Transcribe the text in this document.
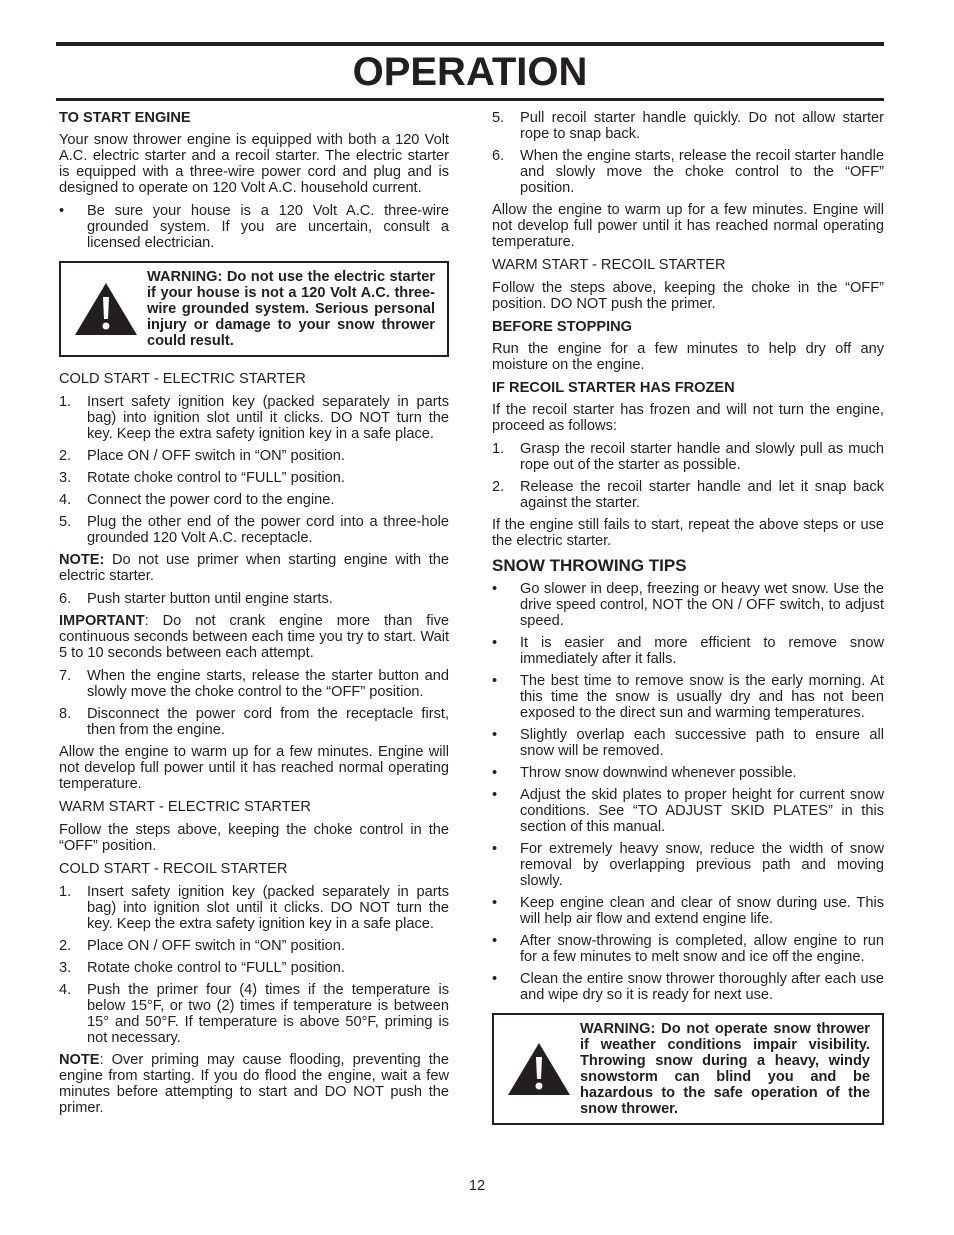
OPERATION
TO START ENGINE

Your snow thrower engine is equipped with both a 120 Volt A.C. electric starter and a recoil starter. The electric starter is equipped with a three-wire power cord and plug and is designed to operate on 120 Volt A.C. household current.

•	Be sure your house is a 120 Volt A.C. three-wire grounded system. If you are uncertain, consult a licensed electrician.
WARNING: Do not use the electric starter if your house is not a 120 Volt A.C. three-wire grounded system. Serious personal injury or damage to your snow thrower could result.
COLD START - ELECTRIC STARTER
1.	Insert safety ignition key (packed separately in parts bag) into ignition slot until it clicks. DO NOT turn the key. Keep the extra safety ignition key in a safe place.
2.	Place ON / OFF switch in “ON” position.
3.	Rotate choke control to “FULL” position.
4.	Connect the power cord to the engine.
5.	Plug the other end of the power cord into a three-hole grounded 120 Volt A.C. receptacle.

NOTE: Do not use primer when starting engine with the electric starter.

6.	Push starter button until engine starts.

IMPORTANT: Do not crank engine more than five continuous seconds between each time you try to start. Wait 5 to 10 seconds between each attempt.

7.	When the engine starts, release the starter button and slowly move the choke control to the “OFF” position.
8.	Disconnect the power cord from the receptacle first, then from the engine.

Allow the engine to warm up for a few minutes. Engine will not develop full power until it has reached normal operating temperature.

WARM START - ELECTRIC STARTER

Follow the steps above, keeping the choke control in the “OFF” position.

COLD START - RECOIL STARTER
1.	Insert safety ignition key (packed separately in parts bag) into ignition slot until it clicks. DO NOT turn the key. Keep the extra safety ignition key in a safe place.
2.	Place ON / OFF switch in “ON” position.
3.	Rotate choke control to “FULL” position.
4.	Push the primer four (4) times if the temperature is below 15°F, or two (2) times if temperature is between 15° and 50°F. If temperature is above 50°F, priming is not necessary.

NOTE: Over priming may cause flooding, preventing the engine from starting. If you do flood the engine, wait a few minutes before attempting to start and DO NOT push the primer.

5.	Pull recoil starter handle quickly. Do not allow starter rope to snap back.
6.	When the engine starts, release the recoil starter handle and slowly move the choke control to the “OFF” position.

Allow the engine to warm up for a few minutes. Engine will not develop full power until it has reached normal operating temperature.

WARM START - RECOIL STARTER

Follow the steps above, keeping the choke in the “OFF” position. DO NOT push the primer.

BEFORE STOPPING

Run the engine for a few minutes to help dry off any moisture on the engine.

IF RECOIL STARTER HAS FROZEN

If the recoil starter has frozen and will not turn the engine, proceed as follows:

1.	Grasp the recoil starter handle and slowly pull as much rope out of the starter as possible.
2.	Release the recoil starter handle and let it snap back against the starter.

If the engine still fails to start, repeat the above steps or use the electric starter.

SNOW THROWING TIPS
•	Go slower in deep, freezing or heavy wet snow. Use the drive speed control, NOT the ON / OFF switch, to adjust speed.
•	It is easier and more efficient to remove snow immediately after it falls.
•	The best time to remove snow is the early morning. At this time the snow is usually dry and has not been exposed to the direct sun and warming temperatures.
•	Slightly overlap each successive path to ensure all snow will be removed.
•	Throw snow downwind whenever possible.
•	Adjust the skid plates to proper height for current snow conditions. See “TO ADJUST SKID PLATES” in this section of this manual.
•	For extremely heavy snow, reduce the width of snow removal by overlapping previous path and moving slowly.
•	Keep engine clean and clear of snow during use. This will help air flow and extend engine life.
•	After snow-throwing is completed, allow engine to run for a few minutes to melt snow and ice off the engine.
•	Clean the entire snow thrower thoroughly after each use and wipe dry so it is ready for next use.
WARNING: Do not operate snow thrower if weather conditions impair visibility. Throwing snow during a heavy, windy snowstorm can blind you and be hazardous to the safe operation of the snow thrower.
12
